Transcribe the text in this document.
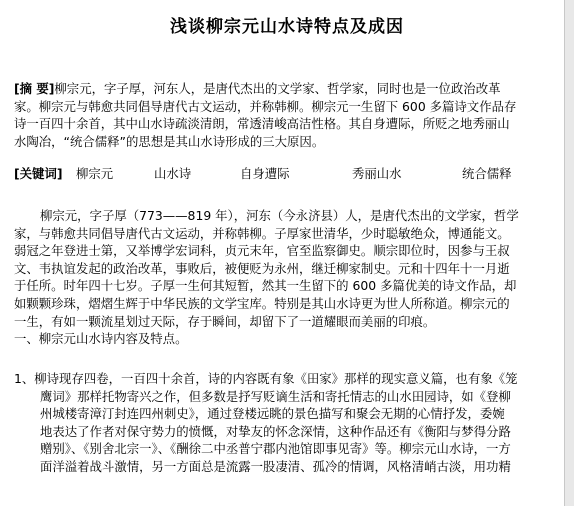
浅谈柳宗元山水诗特点及成因
[摘 要]柳宗元，字子厚，河东人，是唐代杰出的文学家、哲学家，同时也是一位政治改革
家。柳宗元与韩愈共同倡导唐代古文运动，并称韩柳。柳宗元一生留下 600 多篇诗文作品存
诗一百四十余首，其中山水诗疏淡清朗，常透清峻高洁性格。其自身遭际，所贬之地秀丽山
水陶冶，“统合儒释”的思想是其山水诗形成的三大原因。
[关键词] 柳宗元	山水诗	自身遭际	秀丽山水	统合儒释
柳宗元，字子厚（773——819 年），河东（今永济县）人，是唐代杰出的文学家，哲学
家，与韩愈共同倡导唐代古文运动，并称韩柳。子厚家世清华，少时聪敏绝众，博通能文。
弱冠之年登进士第，又举博学宏词科，贞元末年，官至监察御史。顺宗即位时，因参与王叔
文、韦执谊发起的政治改革，事败后，被便贬为永州，继迁柳家制史。元和十四年十一月逝
于任所。时年四十七岁。子厚一生何其短暂，然其一生留下的 600 多篇优美的诗文作品，却
如颗颗珍珠，熠熠生辉于中华民族的文学宝库。特别是其山水诗更为世人所称道。柳宗元的
一生，有如一颗流星划过天际，存于瞬间，却留下了一道耀眼而美丽的印痕。
一、柳宗元山水诗内容及特点。
1、柳诗现存四卷，一百四十余首，诗的内容既有象《田家》那样的现实意义篇，也有象《笼
鹰词》那样托物寄兴之作，但多数是抒写贬谪生活和寄托情志的山水田园诗，如《登柳
州城楼寄漳汀封连四州刺史》，通过登楼远眺的景色描写和聚会无期的心情抒发，委婉
地表达了作者对保守势力的愤慨，对挚友的怀念深情，这种作品还有《衡阳与梦得分路
赠别》、《别舍北宗一》、《酬徐二中丞普宁郡内池馆即事见寄》等。柳宗元山水诗，一方
面洋溢着战斗激情，另一方面总是流露一股凄清、孤冷的情调，风格清峭古淡，用功精
